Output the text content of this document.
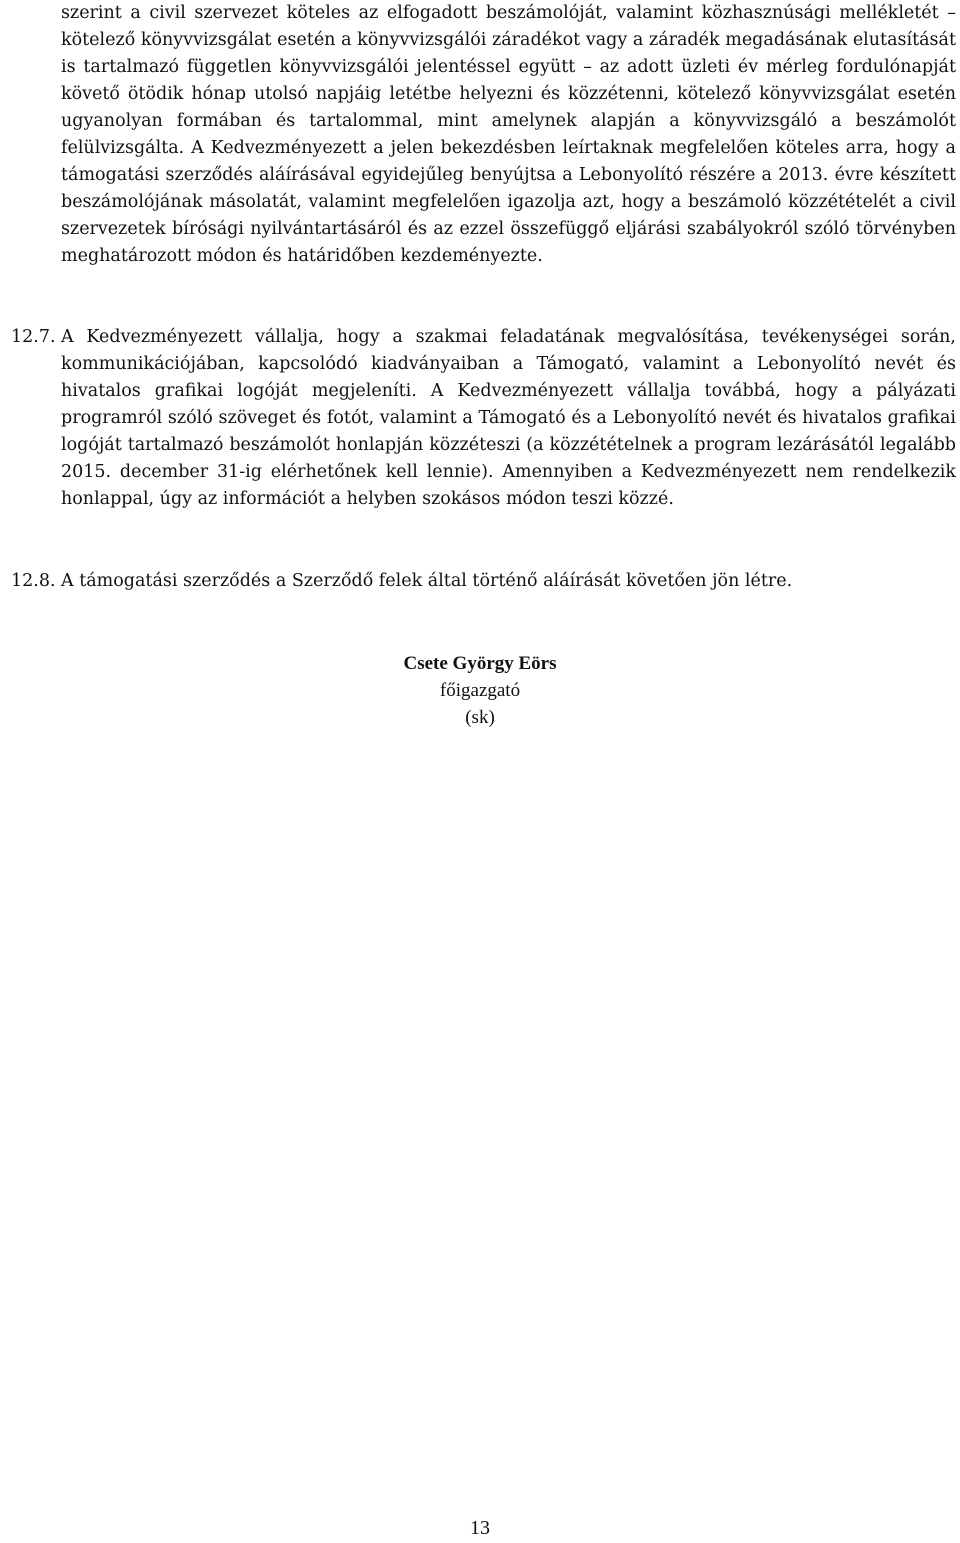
szerint a civil szervezet köteles az elfogadott beszámolóját, valamint közhasznúsági mellékletét – kötelező könyvvizsgálat esetén a könyvvizsgálói záradékot vagy a záradék megadásának elutasítását is tartalmazó független könyvvizsgálói jelentéssel együtt – az adott üzleti év mérleg fordulónapját követő ötödik hónap utolsó napjáig letétbe helyezni és közzétenni, kötelező könyvvizsgálat esetén ugyanolyan formában és tartalommal, mint amelynek alapján a könyvvizsgáló a beszámolót felülvizsgálta. A Kedvezményezett a jelen bekezdésben leírtaknak megfelelően köteles arra, hogy a támogatási szerződés aláírásával egyidejűleg benyújtsa a Lebonyolító részére a 2013. évre készített beszámolójának másolatát, valamint megfelelően igazolja azt, hogy a beszámoló közzétételét a civil szervezetek bírósági nyilvántartásáról és az ezzel összefüggő eljárási szabályokról szóló törvényben meghatározott módon és határidőben kezdeményezte.

12.7. A Kedvezményezett vállalja, hogy a szakmai feladatának megvalósítása, tevékenységei során, kommunikációjában, kapcsolódó kiadványaiban a Támogató, valamint a Lebonyolító nevét és hivatalos grafikai logóját megjeleníti. A Kedvezményezett vállalja továbbá, hogy a pályázati programról szóló szöveget és fotót, valamint a Támogató és a Lebonyolító nevét és hivatalos grafikai logóját tartalmazó beszámolót honlapján közzéteszi (a közzétételnek a program lezárásától legalább 2015. december 31-ig elérhetőnek kell lennie). Amennyiben a Kedvezményezett nem rendelkezik honlappal, úgy az információt a helyben szokásos módon teszi közzé.

12.8. A támogatási szerződés a Szerződő felek által történő aláírását követően jön létre.

Csete György Eörs
főigazgató
(sk)
13
